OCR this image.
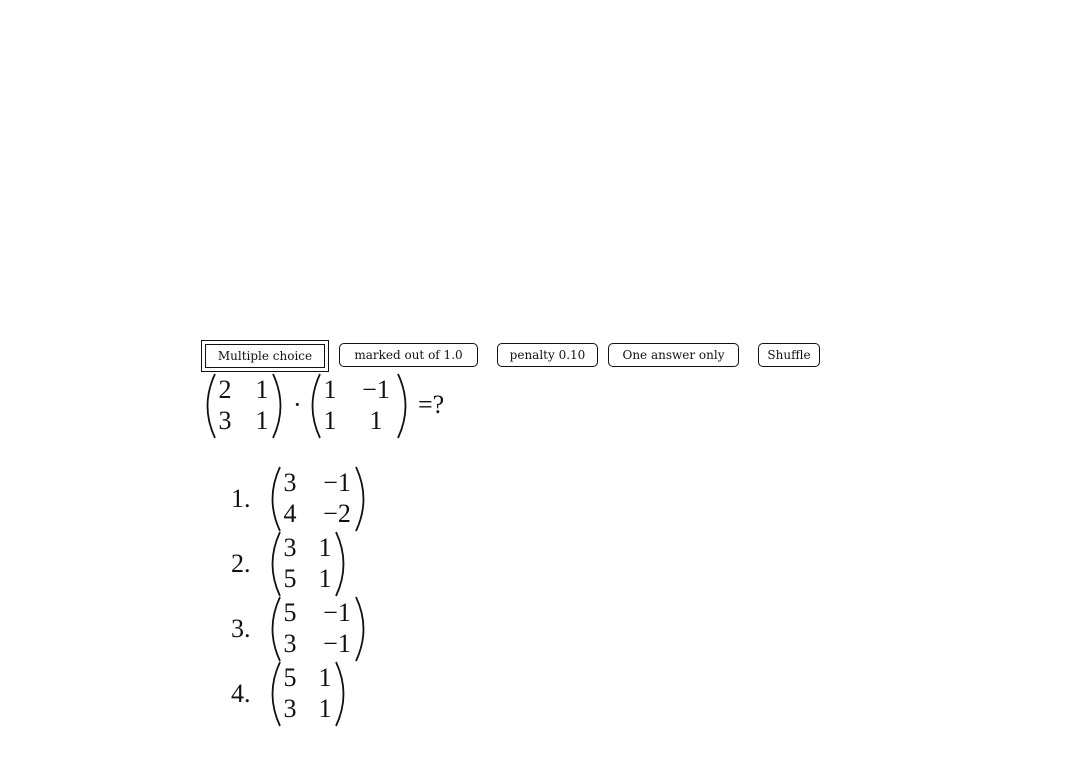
Multiple choice	marked out of 1.0	penalty 0.10	One answer only	Shuffle
2 1
3 1
·
1 −1
1 1
=?
1.
3 −1
4 −2
2.
3 1
5 1
3.
5 −1
3 −1
4.
5 1
3 1
